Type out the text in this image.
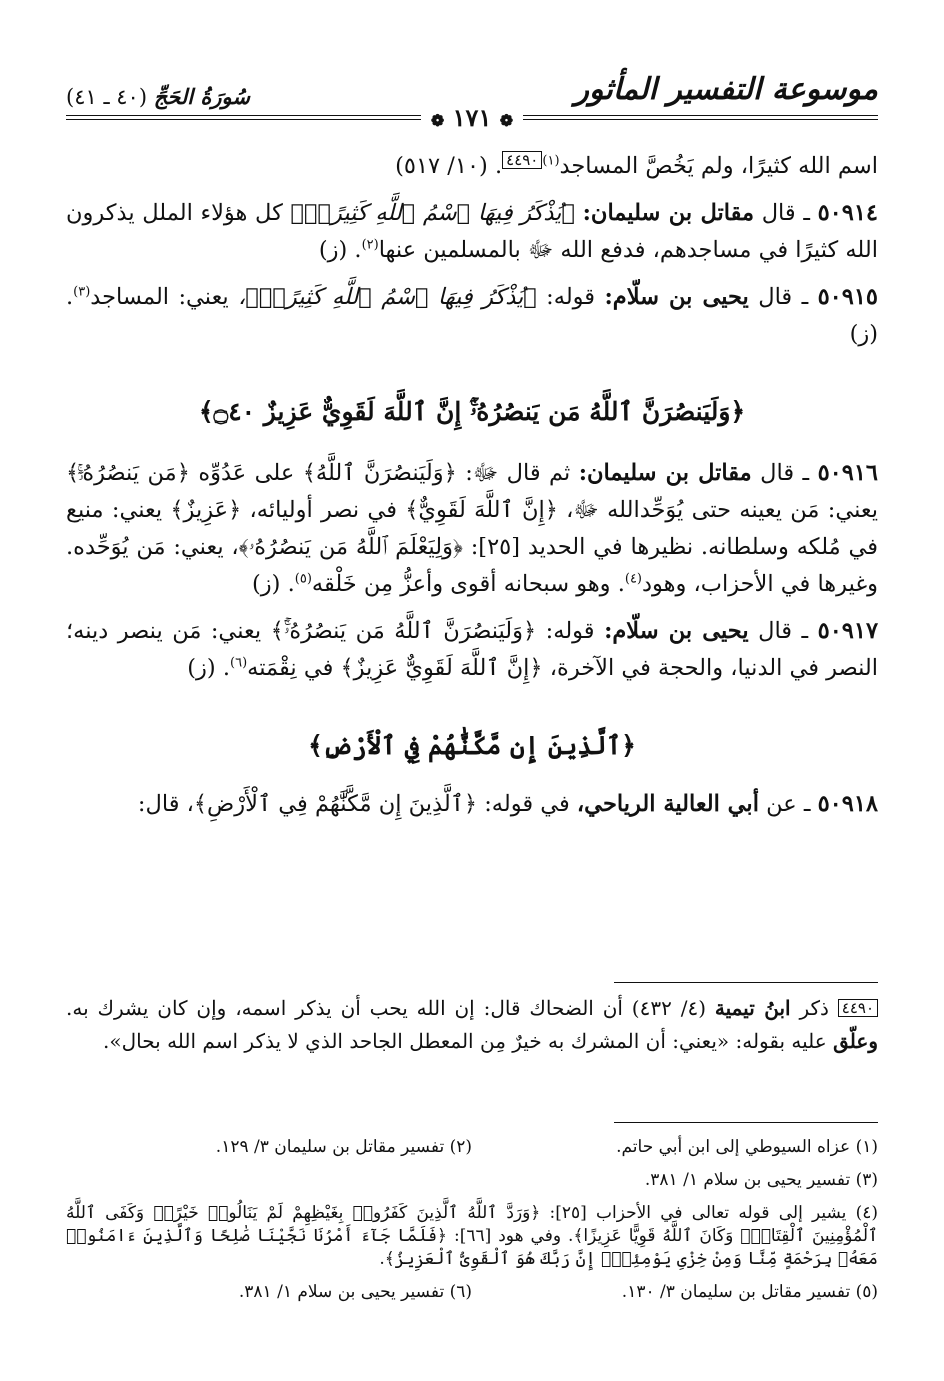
موسوعة التفسير المأثور
سُورَةُ الحَجِّ (٤٠ ـ ٤١)
❁ ١٧١ ❁

اسم الله كثيرًا، ولم يَخُصَّ المساجد$^{(١)}$٤٤٩٠. (١٠/ ٥١٧)

٥٠٩١٤ ـ قال مقاتل بن سليمان: ﴿يُذْكَرُ فِيهَا ٱسْمُ ٱللَّهِ كَثِيرًاۗ﴾ كل هؤلاء الملل يذكرون الله كثيرًا في مساجدهم، فدفع الله ﷻ بالمسلمين عنها$^{(٢)}$. (ز)

٥٠٩١٥ ـ قال يحيى بن سلّام: قوله: ﴿يُذْكَرُ فِيهَا ٱسْمُ ٱللَّهِ كَثِيرًاۗ﴾، يعني: المساجد$^{(٣)}$. (ز)

﴿وَلَيَنصُرَنَّ ٱللَّهُ مَن يَنصُرُهُۥٓۚ إِنَّ ٱللَّهَ لَقَوِيٌّ عَزِيزٌ ۝٤٠﴾

٥٠٩١٦ ـ قال مقاتل بن سليمان: ثم قال ﷻ: ﴿وَلَيَنصُرَنَّ ٱللَّهُ﴾ على عَدُوِّه ﴿مَن يَنصُرُهُۥٓۚ﴾ يعني: مَن يعينه حتى يُوَحِّدالله ﷻ، ﴿إِنَّ ٱللَّهَ لَقَوِيٌّ﴾ في نصر أوليائه، ﴿عَزِيزٌ﴾ يعني: منيع في مُلكه وسلطانه. نظيرها في الحديد [٢٥]: ﴿وَلِيَعْلَمَ ٱللَّهُ مَن يَنصُرُهُۥ﴾، يعني: مَن يُوَحِّده. وغيرها في الأحزاب، وهود$^{(٤)}$. وهو سبحانه أقوى وأعزُّ مِن خَلْقه$^{(٥)}$. (ز)

٥٠٩١٧ ـ قال يحيى بن سلّام: قوله: ﴿وَلَيَنصُرَنَّ ٱللَّهُ مَن يَنصُرُهُۥٓۚ﴾ يعني: مَن ينصر دينه؛ النصر في الدنيا، والحجة في الآخرة، ﴿إِنَّ ٱللَّهَ لَقَوِيٌّ عَزِيزٌ﴾ في نِقْمَته$^{(٦)}$. (ز)

﴿ٱلَّذِينَ إِن مَّكَّنَّٰهُمْ فِي ٱلْأَرْضِ﴾

٥٠٩١٨ ـ عن أبي العالية الرياحي، في قوله: ﴿ٱلَّذِينَ إِن مَّكَّنَّٰهُمْ فِي ٱلْأَرْضِ﴾، قال:

٤٤٩٠ ذكر ابنُ تيمية (٤/ ٤٣٢) أن الضحاك قال: إن الله يحب أن يذكر اسمه، وإن كان يشرك به. وعلّق عليه بقوله: «يعني: أن المشرك به خيرٌ مِن المعطل الجاحد الذي لا يذكر اسم الله بحال».
(١) عزاه السيوطي إلى ابن أبي حاتم.
(٢) تفسير مقاتل بن سليمان ٣/ ١٢٩.
(٣) تفسير يحيى بن سلام ١/ ٣٨١.
(٤) يشير إلى قوله تعالى في الأحزاب [٢٥]: ﴿وَرَدَّ ٱللَّهُ ٱلَّذِينَ كَفَرُوا۟ بِغَيْظِهِمْ لَمْ يَنَالُوا۟ خَيْرًاۚ وَكَفَى ٱللَّهُ ٱلْمُؤْمِنِينَ ٱلْقِتَالَۚ وَكَانَ ٱللَّهُ قَوِيًّا عَزِيزًا﴾. وفي هود [٦٦]: ﴿فَلَمَّا جَآءَ أَمْرُنَا نَجَّيْنَا صَٰلِحًا وَٱلَّذِينَ ءَامَنُوا۟ مَعَهُۥ بِرَحْمَةٍ مِّنَّا وَمِنْ خِزْىِ يَوْمِئِذٍۗ إِنَّ رَبَّكَ هُوَ ٱلْقَوِىُّ ٱلْعَزِيزُ﴾.
(٥) تفسير مقاتل بن سليمان ٣/ ١٣٠.
(٦) تفسير يحيى بن سلام ١/ ٣٨١.
